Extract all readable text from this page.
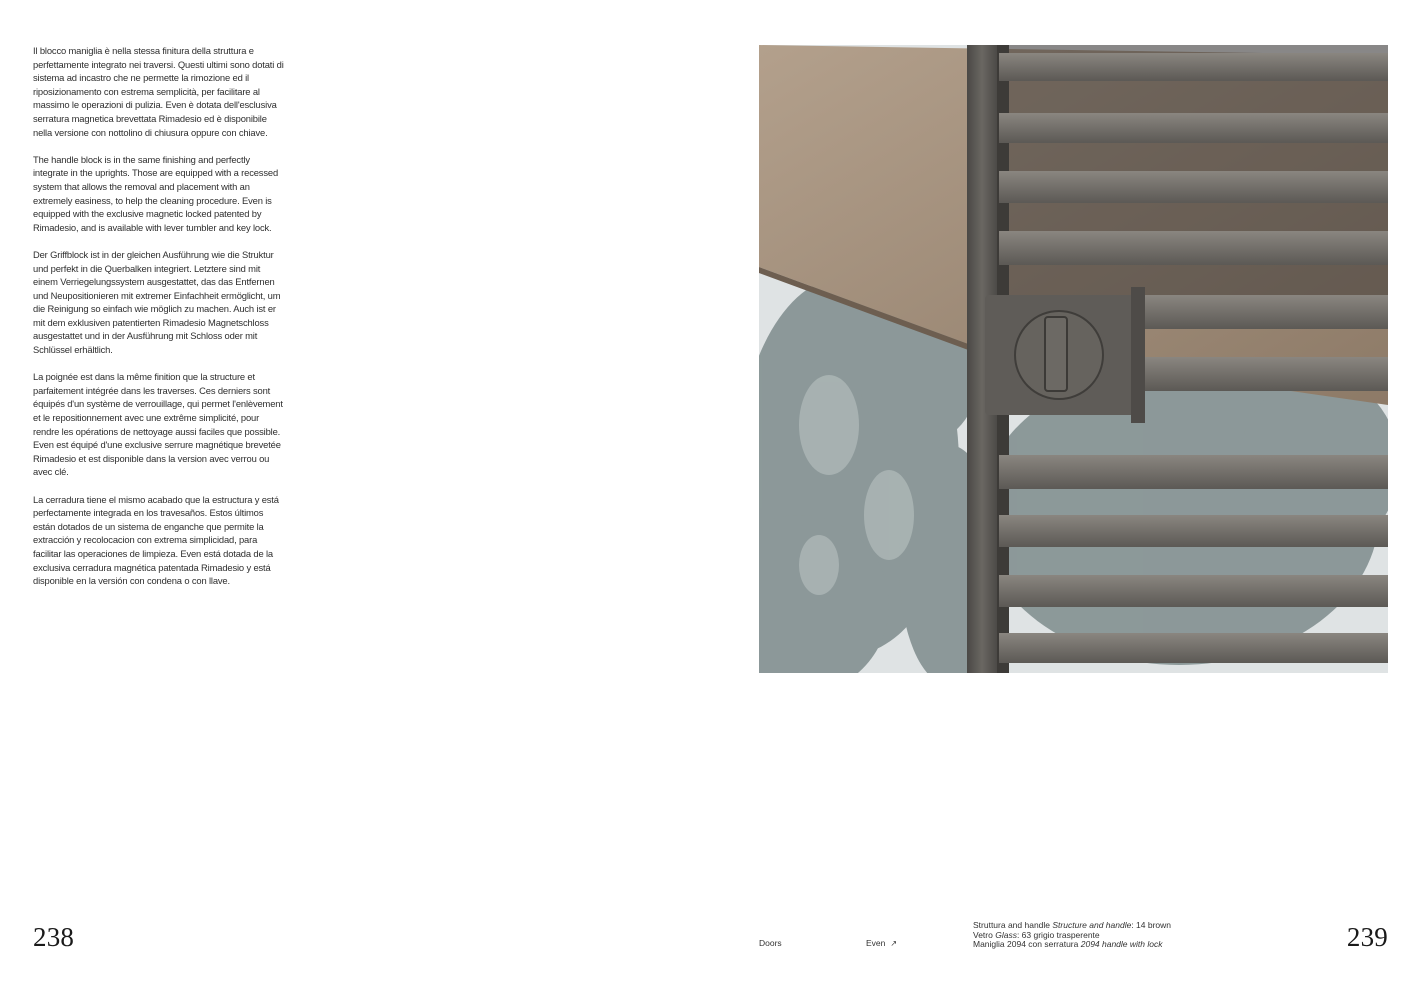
Il blocco maniglia è nella stessa finitura della struttura e perfettamente integrato nei traversi. Questi ultimi sono dotati di sistema ad incastro che ne permette la rimozione ed il riposizionamento con estrema semplicità, per facilitare al massimo le operazioni di pulizia. Even è dotata dell'esclusiva serratura magnetica brevettata Rimadesio ed è disponibile nella versione con nottolino di chiusura oppure con chiave.

The handle block is in the same finishing and perfectly integrate in the uprights. Those are equipped with a recessed system that allows the removal and placement with an extremely easiness, to help the cleaning procedure. Even is equipped with the exclusive magnetic locked patented by Rimadesio, and is available with lever tumbler and key lock.

Der Griffblock ist in der gleichen Ausführung wie die Struktur und perfekt in die Querbalken integriert. Letztere sind mit einem Verriegelungssystem ausgestattet, das das Entfernen und Neupositionieren mit extremer Einfachheit ermöglicht, um die Reinigung so einfach wie möglich zu machen. Auch ist er mit dem exklusiven patentierten Rimadesio Magnetschloss ausgestattet und in der Ausführung mit Schloss oder mit Schlüssel erhältlich.

La poignée est dans la même finition que la structure et parfaitement intégrée dans les traverses. Ces derniers sont équipés d'un système de verrouillage, qui permet l'enlèvement et le repositionnement avec une extrême simplicité, pour rendre les opérations de nettoyage aussi faciles que possible. Even est équipé d'une exclusive serrure magnétique brevetée Rimadesio et est disponible dans la version avec verrou ou avec clé.

La cerradura tiene el mismo acabado que la estructura y está perfectamente integrada en los travesaños. Estos últimos están dotados de un sistema de enganche que permite la extracción y recolocacion con extrema simplicidad, para facilitar las operaciones de limpieza. Even está dotada de la exclusiva cerradura magnética patentada Rimadesio y está disponible en la versión con condena o con llave.

238	Doors	Even ↗
Struttura and handle Structure and handle: 14 brown
Vetro Glass: 63 grigio trasperente
Maniglia 2094 con serratura 2094 handle with lock	239
